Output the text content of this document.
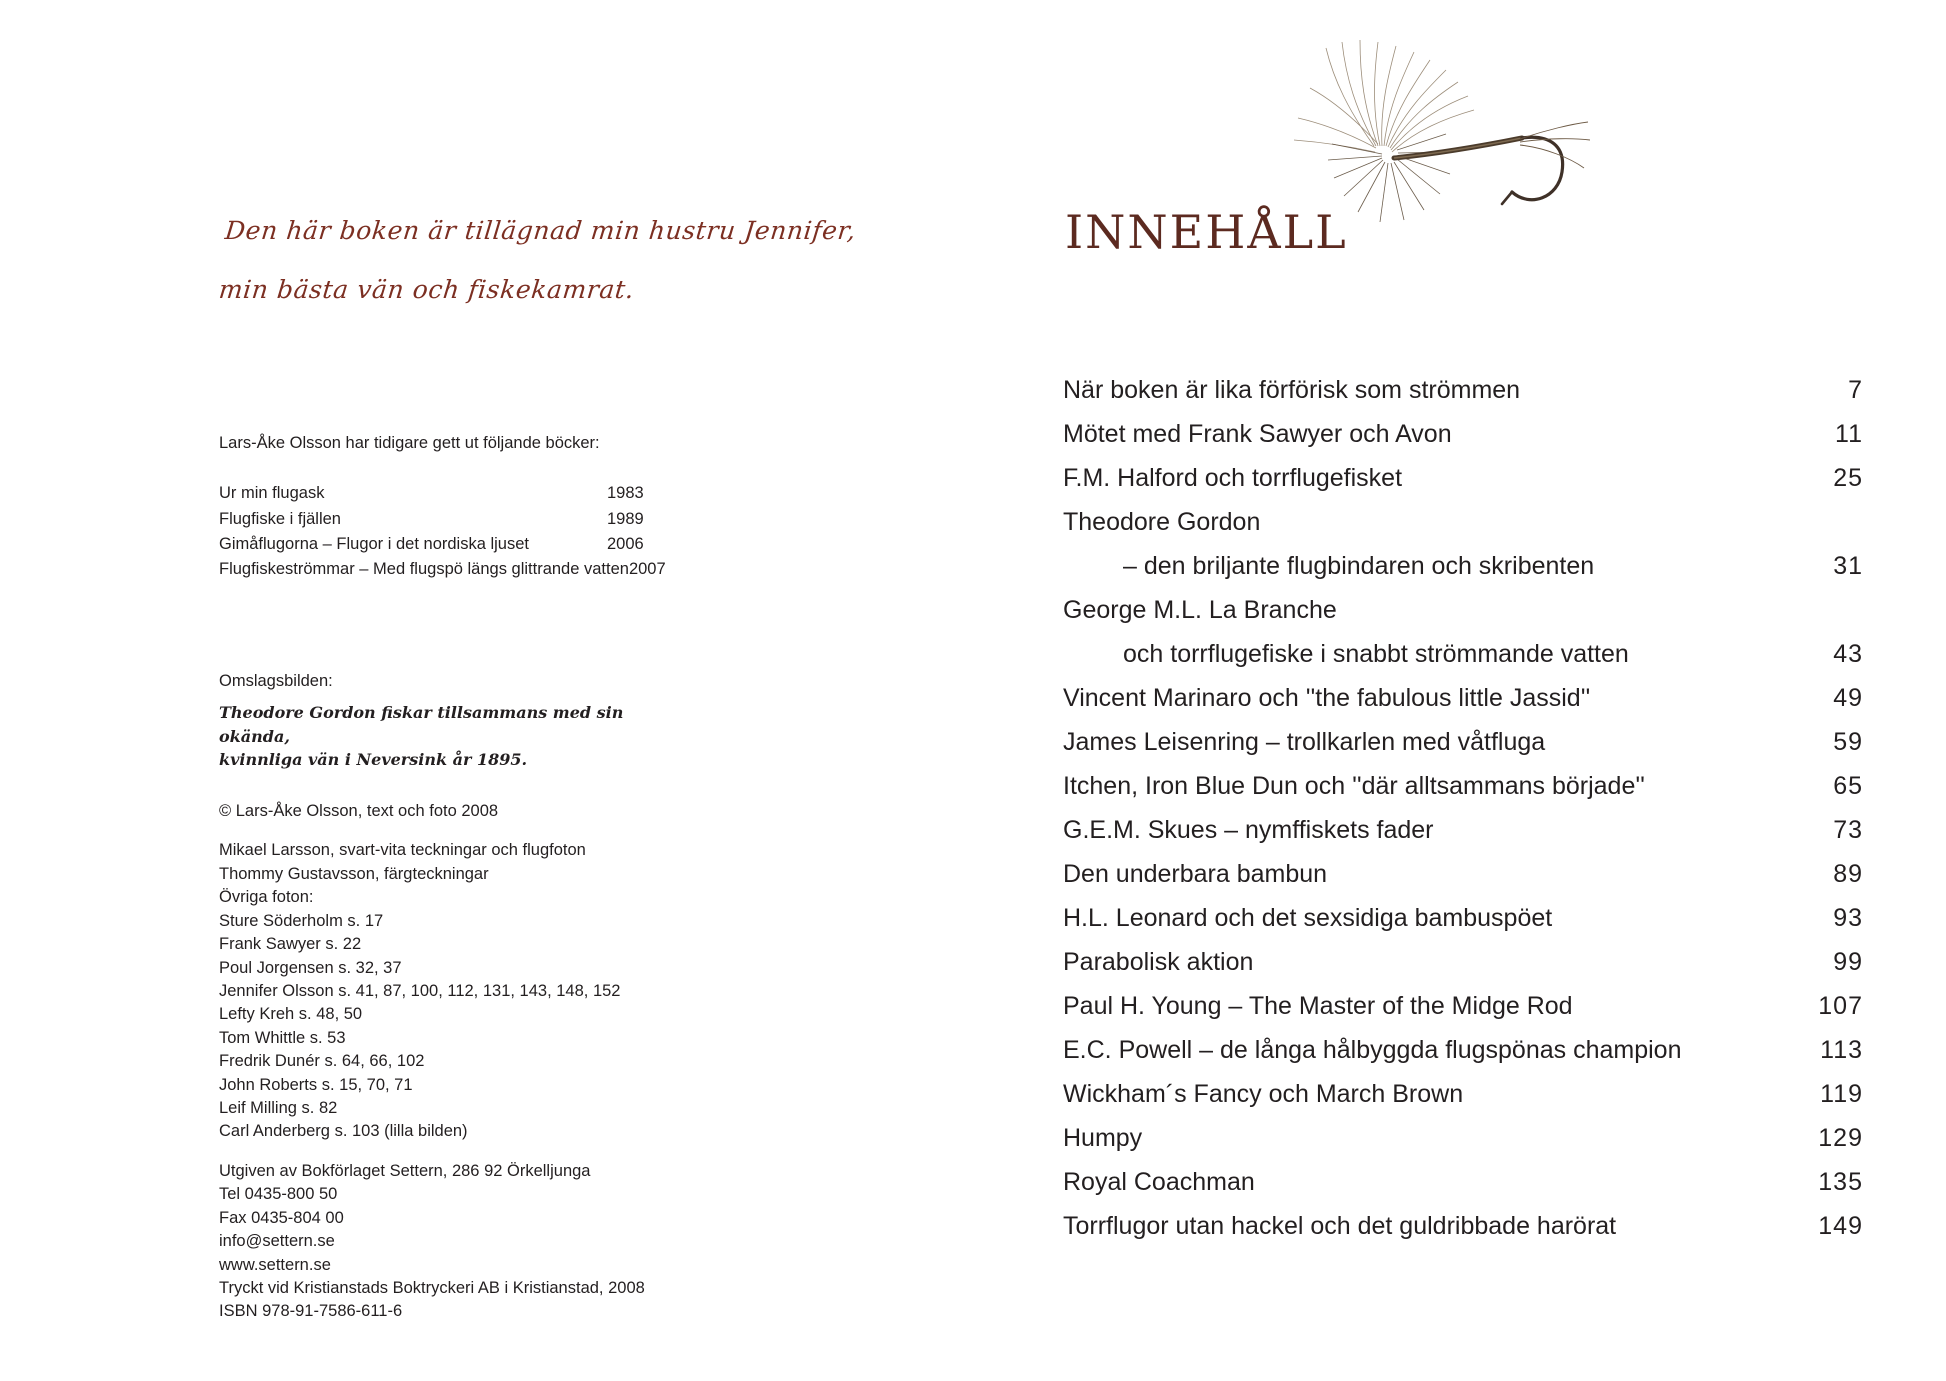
Den här boken är tillägnad min hustru Jennifer,
min bästa vän och fiskekamrat.
Lars-Åke Olsson har tidigare gett ut följande böcker:
Ur min flugask	1983
Flugfiske i fjällen	1989
Gimåflugorna – Flugor i det nordiska ljuset	2006
Flugfiskeströmmar – Med flugspö längs glittrande vatten 2007
Omslagsbilden:
Theodore Gordon fiskar tillsammans med sin okända,
kvinnliga vän i Neversink år 1895.
© Lars-Åke Olsson, text och foto 2008
Mikael Larsson, svart-vita teckningar och flugfoton
Thommy Gustavsson, färgteckningar
Övriga foton:
Sture Söderholm s. 17
Frank Sawyer s. 22
Poul Jorgensen s. 32, 37
Jennifer Olsson s. 41, 87, 100, 112, 131, 143, 148, 152
Lefty Kreh s. 48, 50
Tom Whittle s. 53
Fredrik Dunér s. 64, 66, 102
John Roberts s. 15, 70, 71
Leif Milling s. 82
Carl Anderberg s. 103 (lilla bilden)
Utgiven av Bokförlaget Settern, 286 92 Örkelljunga
Tel 0435-800 50
Fax 0435-804 00
info@settern.se
www.settern.se
Tryckt vid Kristianstads Boktryckeri AB i Kristianstad, 2008
ISBN 978-91-7586-611-6
INNEHÅLL
När boken är lika förförisk som strömmen	7
Mötet med Frank Sawyer och Avon	11
F.M. Halford och torrflugefisket	25
Theodore Gordon
– den briljante flugbindaren och skribenten	31
George M.L. La Branche
och torrflugefiske i snabbt strömmande vatten	43
Vincent Marinaro och ''the fabulous little Jassid''	49
James Leisenring – trollkarlen med våtfluga	59
Itchen, Iron Blue Dun och ''där alltsammans började''	65
G.E.M. Skues – nymffiskets fader	73
Den underbara bambun	89
H.L. Leonard och det sexsidiga bambuspöet	93
Parabolisk aktion	99
Paul H. Young – The Master of the Midge Rod	107
E.C. Powell – de långa hålbyggda flugspönas champion	113
Wickham´s Fancy och March Brown	119
Humpy	129
Royal Coachman	135
Torrflugor utan hackel och det guldribbade harörat	149
